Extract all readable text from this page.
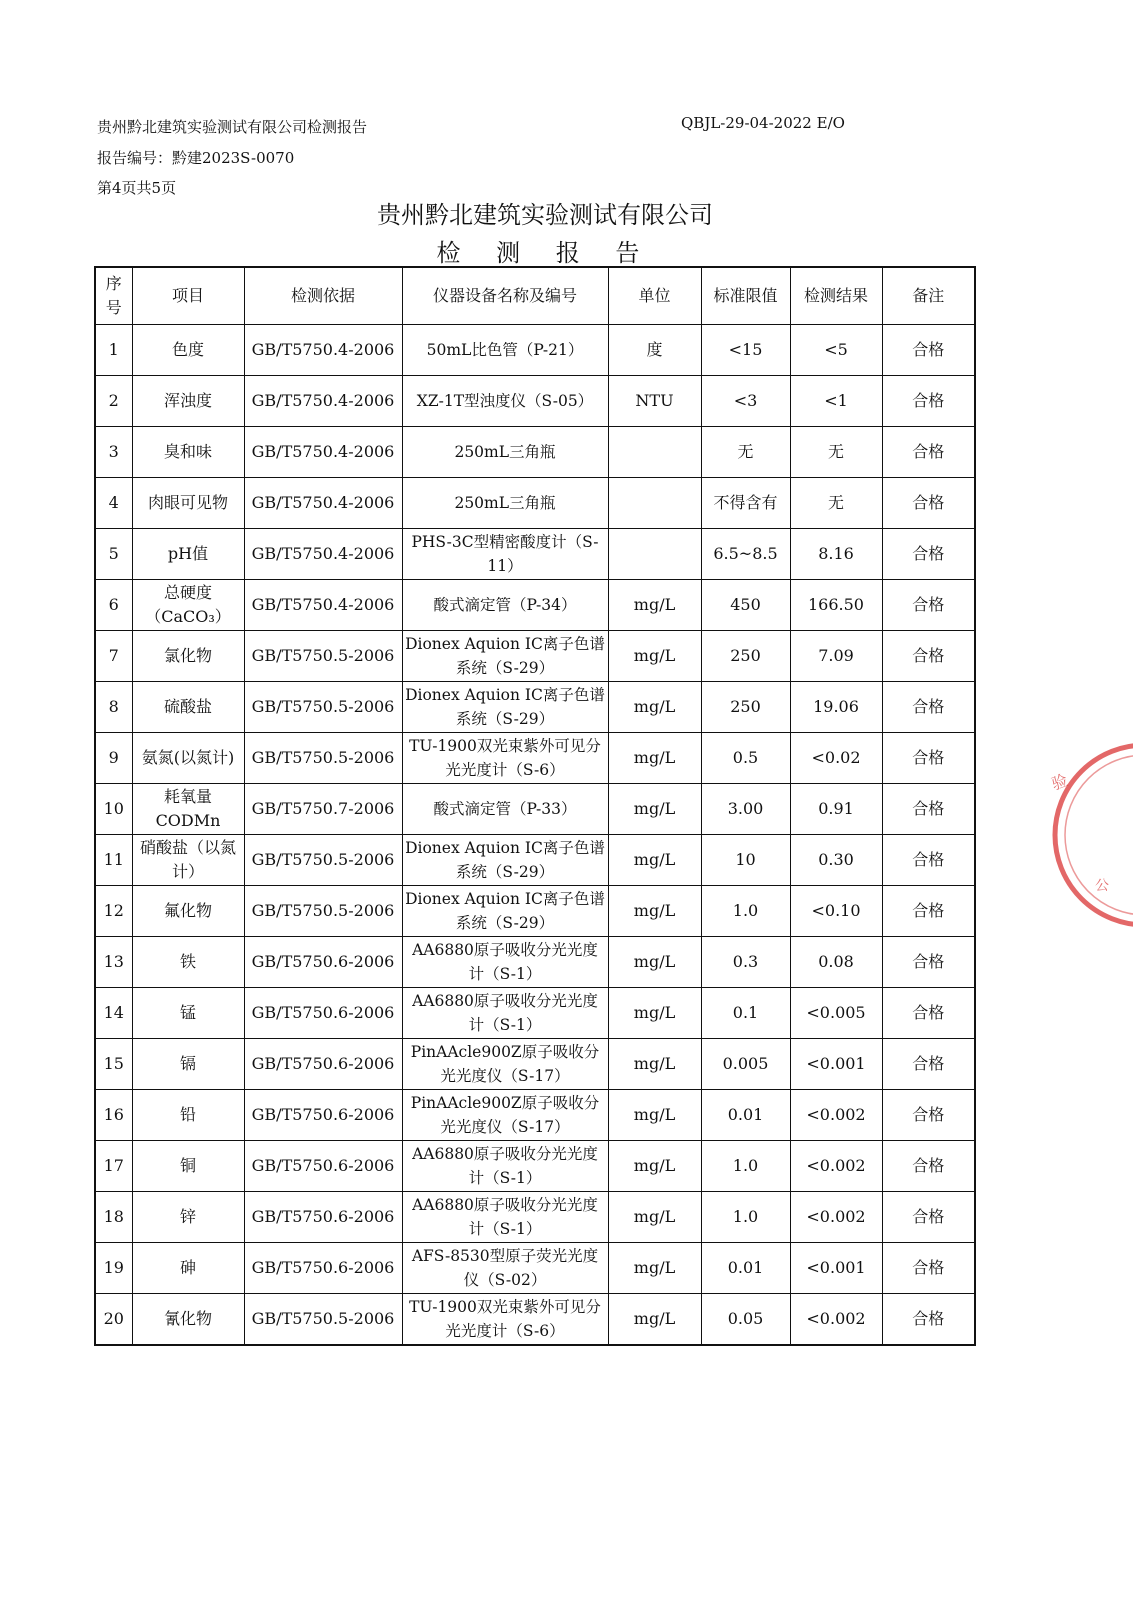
贵州黔北建筑实验测试有限公司检测报告	QBJL-29-04-2022 E/O
报告编号：黔建2023S-0070
第4页共5页
贵州黔北建筑实验测试有限公司
检 测 报 告
序号	项目	检测依据	仪器设备名称及编号	单位	标准限值	检测结果	备注
1	色度	GB/T5750.4-2006	50mL比色管（P-21）	度	<15	<5	合格
2	浑浊度	GB/T5750.4-2006	XZ-1T型浊度仪（S-05）	NTU	<3	<1	合格
3	臭和味	GB/T5750.4-2006	250mL三角瓶		无	无	合格
4	肉眼可见物	GB/T5750.4-2006	250mL三角瓶		不得含有	无	合格
5	pH值	GB/T5750.4-2006	PHS-3C型精密酸度计（S-11）		6.5~8.5	8.16	合格
6	总硬度（CaCO₃）	GB/T5750.4-2006	酸式滴定管（P-34）	mg/L	450	166.50	合格
7	氯化物	GB/T5750.5-2006	Dionex Aquion IC离子色谱系统（S-29）	mg/L	250	7.09	合格
8	硫酸盐	GB/T5750.5-2006	Dionex Aquion IC离子色谱系统（S-29）	mg/L	250	19.06	合格
9	氨氮(以氮计)	GB/T5750.5-2006	TU-1900双光束紫外可见分光光度计（S-6）	mg/L	0.5	<0.02	合格
10	耗氧量CODMn	GB/T5750.7-2006	酸式滴定管（P-33）	mg/L	3.00	0.91	合格
11	硝酸盐（以氮计）	GB/T5750.5-2006	Dionex Aquion IC离子色谱系统（S-29）	mg/L	10	0.30	合格
12	氟化物	GB/T5750.5-2006	Dionex Aquion IC离子色谱系统（S-29）	mg/L	1.0	<0.10	合格
13	铁	GB/T5750.6-2006	AA6880原子吸收分光光度计（S-1）	mg/L	0.3	0.08	合格
14	锰	GB/T5750.6-2006	AA6880原子吸收分光光度计（S-1）	mg/L	0.1	<0.005	合格
15	镉	GB/T5750.6-2006	PinAAcle900Z原子吸收分光光度仪（S-17）	mg/L	0.005	<0.001	合格
16	铅	GB/T5750.6-2006	PinAAcle900Z原子吸收分光光度仪（S-17）	mg/L	0.01	<0.002	合格
17	铜	GB/T5750.6-2006	AA6880原子吸收分光光度计（S-1）	mg/L	1.0	<0.002	合格
18	锌	GB/T5750.6-2006	AA6880原子吸收分光光度计（S-1）	mg/L	1.0	<0.002	合格
19	砷	GB/T5750.6-2006	AFS-8530型原子荧光光度仪（S-02）	mg/L	0.01	<0.001	合格
20	氰化物	GB/T5750.5-2006	TU-1900双光束紫外可见分光光度计（S-6）	mg/L	0.05	<0.002	合格
验
公
